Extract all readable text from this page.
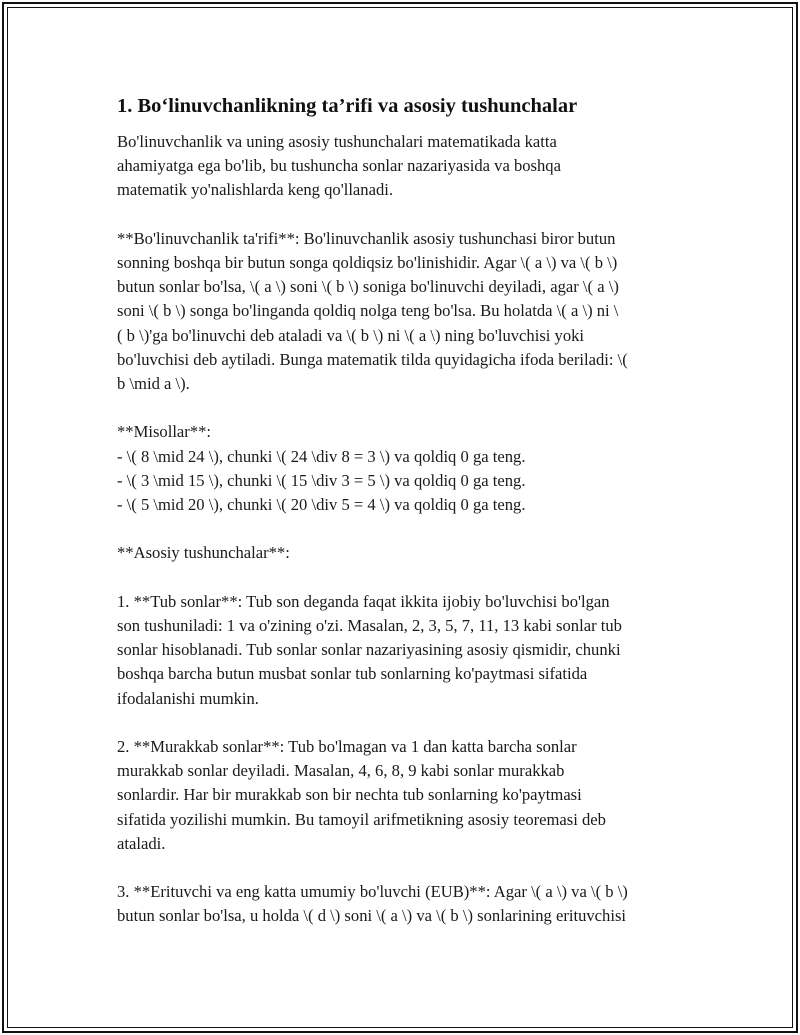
1. Bo‘linuvchanlikning ta’rifi va asosiy tushunchalar
Bo'linuvchanlik va uning asosiy tushunchalari matematikada katta
ahamiyatga ega bo'lib, bu tushuncha sonlar nazariyasida va boshqa
matematik yo'nalishlarda keng qo'llanadi.
**Bo'linuvchanlik ta'rifi**: Bo'linuvchanlik asosiy tushunchasi biror butun
sonning boshqa bir butun songa qoldiqsiz bo'linishidir. Agar \( a \) va \( b \)
butun sonlar bo'lsa, \( a \) soni \( b \) soniga bo'linuvchi deyiladi, agar \( a \)
soni \( b \) songa bo'linganda qoldiq nolga teng bo'lsa. Bu holatda \( a \) ni \
( b \)'ga bo'linuvchi deb ataladi va \( b \) ni \( a \) ning bo'luvchisi yoki
bo'luvchisi deb aytiladi. Bunga matematik tilda quyidagicha ifoda beriladi: \(
b \mid a \).
**Misollar**:
- \( 8 \mid 24 \), chunki \( 24 \div 8 = 3 \) va qoldiq 0 ga teng.
- \( 3 \mid 15 \), chunki \( 15 \div 3 = 5 \) va qoldiq 0 ga teng.
- \( 5 \mid 20 \), chunki \( 20 \div 5 = 4 \) va qoldiq 0 ga teng.
**Asosiy tushunchalar**:
1. **Tub sonlar**: Tub son deganda faqat ikkita ijobiy bo'luvchisi bo'lgan
son tushuniladi: 1 va o'zining o'zi. Masalan, 2, 3, 5, 7, 11, 13 kabi sonlar tub
sonlar hisoblanadi. Tub sonlar sonlar nazariyasining asosiy qismidir, chunki
boshqa barcha butun musbat sonlar tub sonlarning ko'paytmasi sifatida
ifodalanishi mumkin.
2. **Murakkab sonlar**: Tub bo'lmagan va 1 dan katta barcha sonlar
murakkab sonlar deyiladi. Masalan, 4, 6, 8, 9 kabi sonlar murakkab
sonlardir. Har bir murakkab son bir nechta tub sonlarning ko'paytmasi
sifatida yozilishi mumkin. Bu tamoyil arifmetikning asosiy teoremasi deb
ataladi.
3. **Erituvchi va eng katta umumiy bo'luvchi (EUB)**: Agar \( a \) va \( b \)
butun sonlar bo'lsa, u holda \( d \) soni \( a \) va \( b \) sonlarining erituvchisi
